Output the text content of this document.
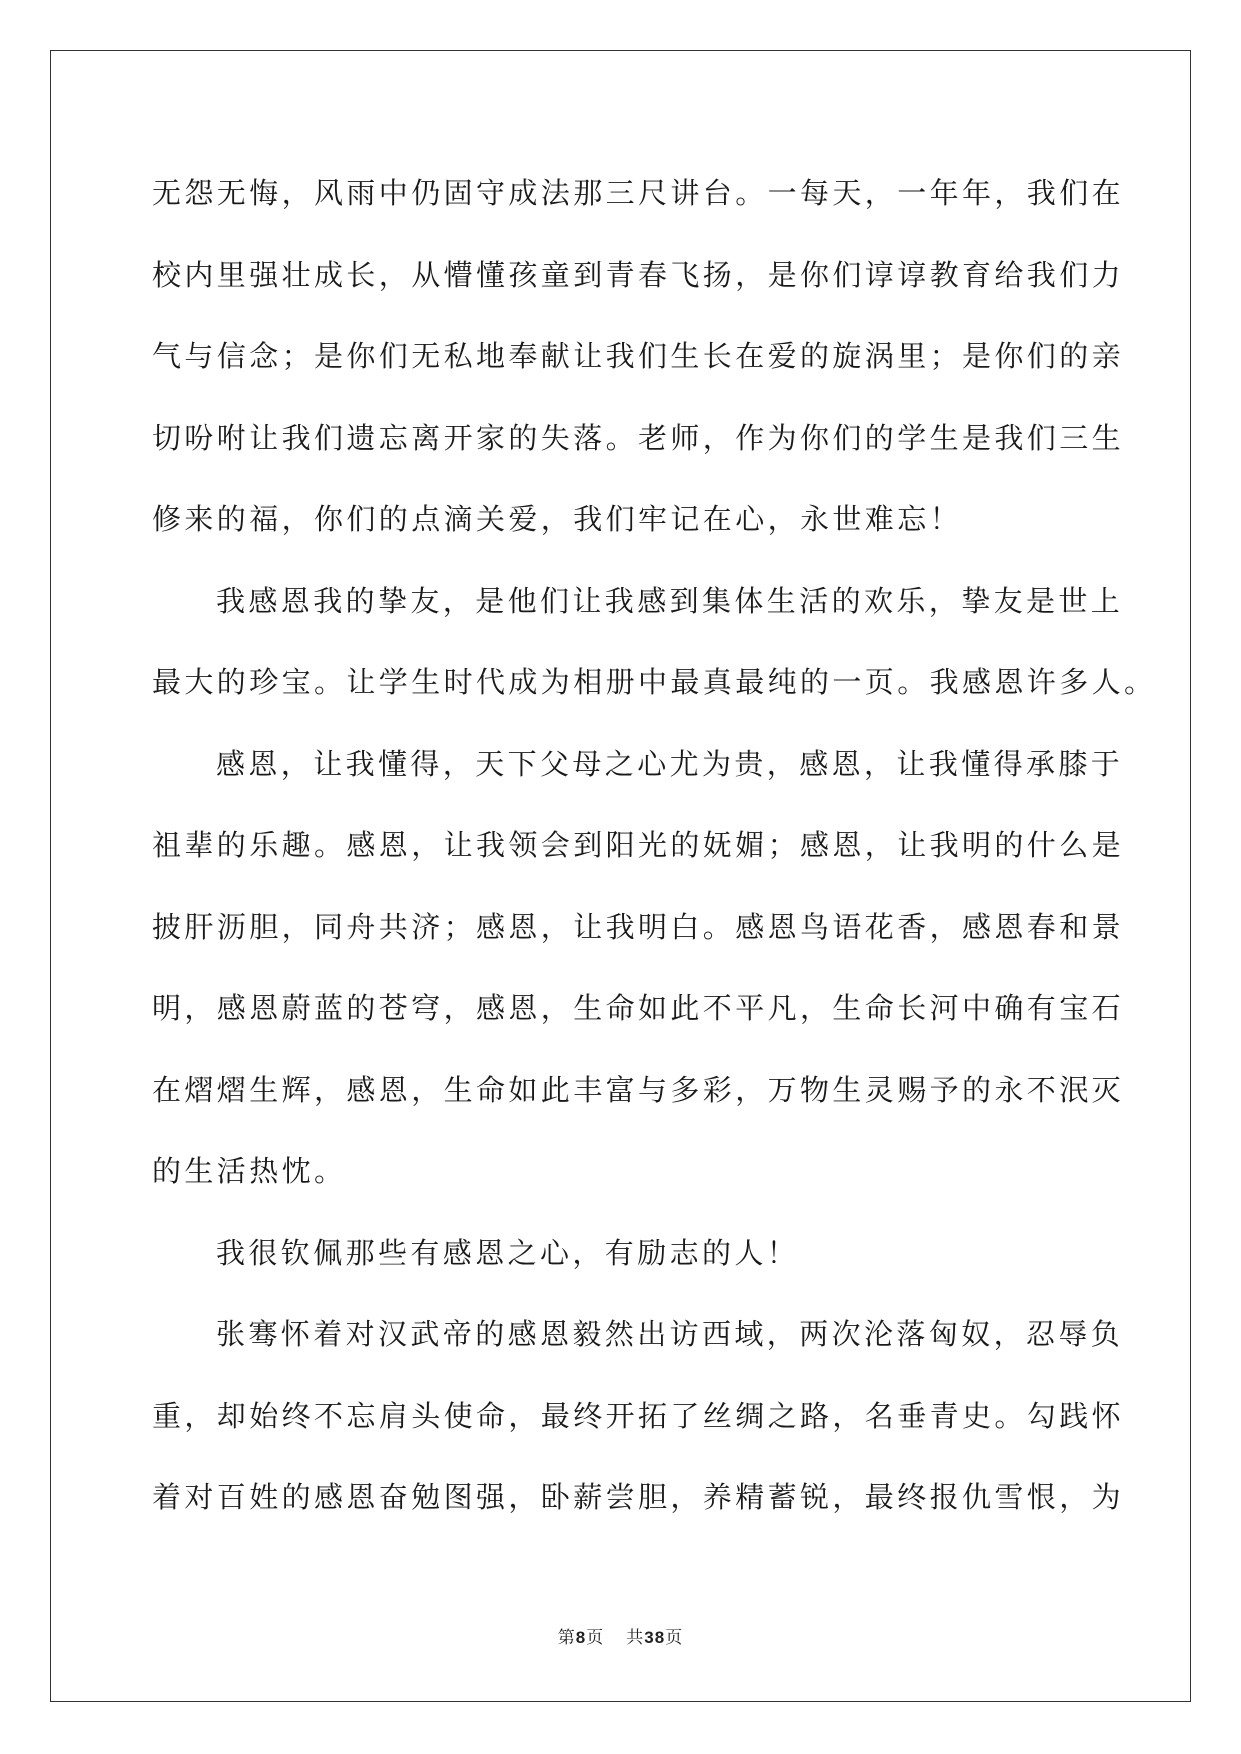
无怨无悔，风雨中仍固守成法那三尺讲台。一每天，一年年，我们在
校内里强壮成长，从懵懂孩童到青春飞扬，是你们谆谆教育给我们力
气与信念；是你们无私地奉献让我们生长在爱的旋涡里；是你们的亲
切吩咐让我们遗忘离开家的失落。老师，作为你们的学生是我们三生
修来的福，你们的点滴关爱，我们牢记在心，永世难忘！
我感恩我的挚友，是他们让我感到集体生活的欢乐，挚友是世上
最大的珍宝。让学生时代成为相册中最真最纯的一页。我感恩许多人。
感恩，让我懂得，天下父母之心尤为贵，感恩，让我懂得承膝于
祖辈的乐趣。感恩，让我领会到阳光的妩媚；感恩，让我明的什么是
披肝沥胆，同舟共济；感恩，让我明白。感恩鸟语花香，感恩春和景
明，感恩蔚蓝的苍穹，感恩，生命如此不平凡，生命长河中确有宝石
在熠熠生辉，感恩，生命如此丰富与多彩，万物生灵赐予的永不泯灭
的生活热忱。
我很钦佩那些有感恩之心，有励志的人！
张骞怀着对汉武帝的感恩毅然出访西域，两次沦落匈奴，忍辱负
重，却始终不忘肩头使命，最终开拓了丝绸之路，名垂青史。勾践怀
着对百姓的感恩奋勉图强，卧薪尝胆，养精蓄锐，最终报仇雪恨，为
第8页 共38页
